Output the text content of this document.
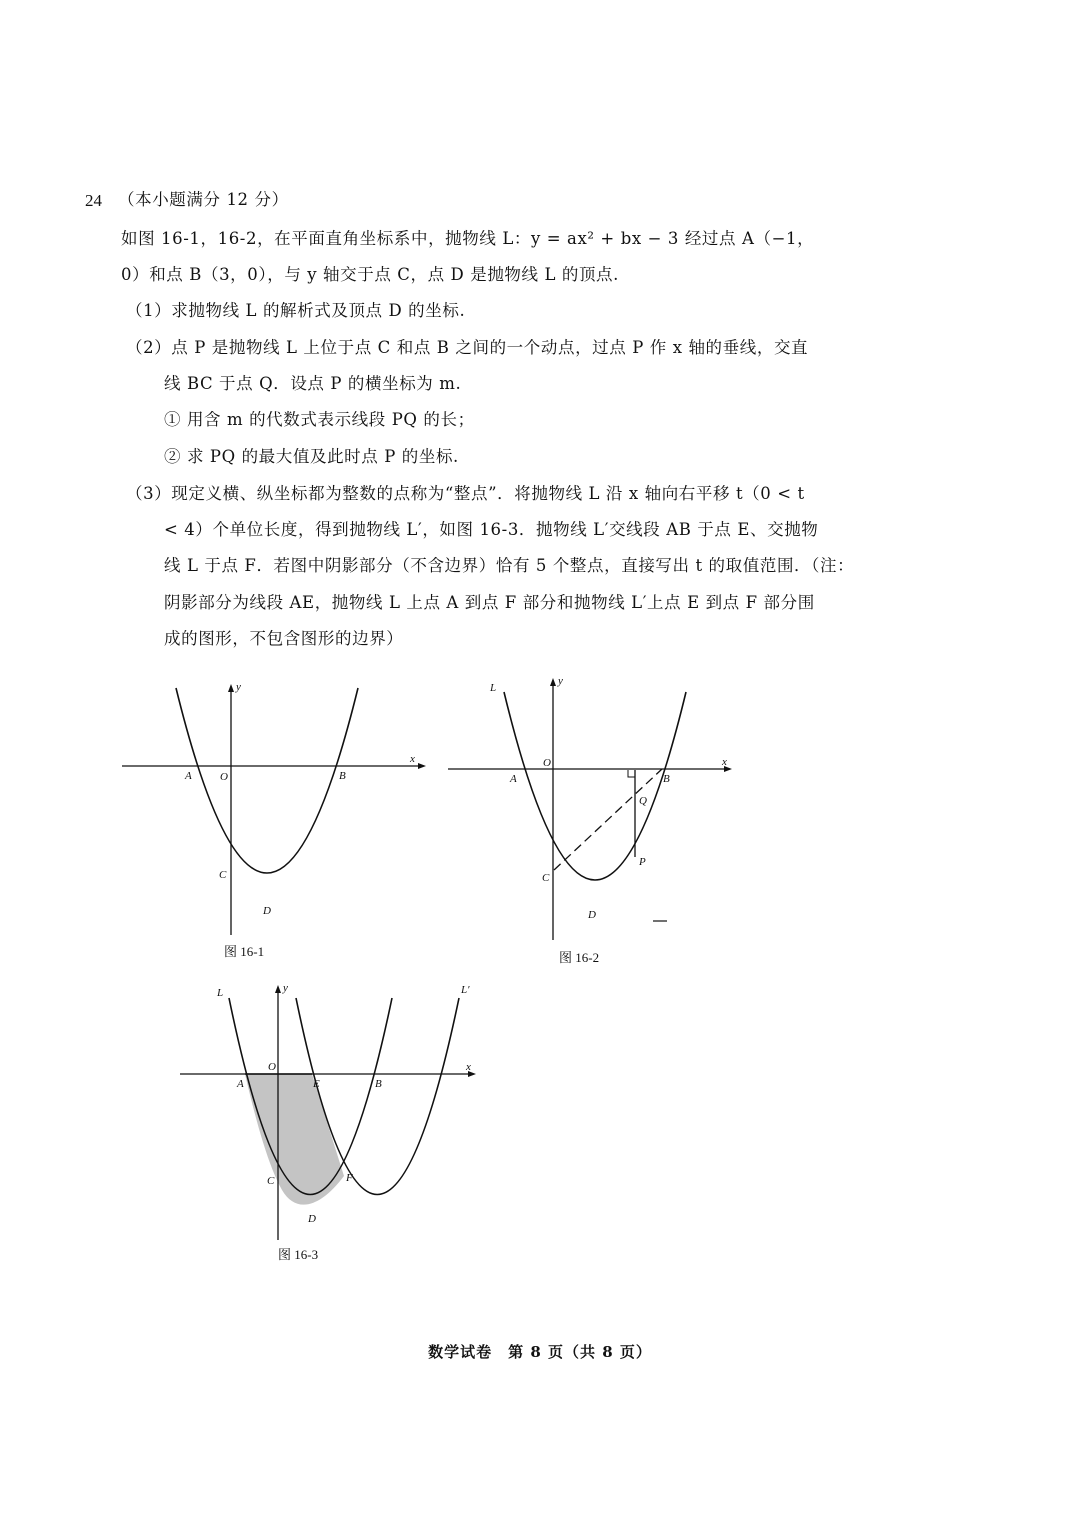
24 （本小题满分 12 分）
如图 16-1，16-2，在平面直角坐标系中，抛物线 L：y = ax² + bx − 3 经过点 A（−1，
0）和点 B（3，0），与 y 轴交于点 C，点 D 是抛物线 L 的顶点.
（1）求抛物线 L 的解析式及顶点 D 的坐标.
（2）点 P 是抛物线 L 上位于点 C 和点 B 之间的一个动点，过点 P 作 x 轴的垂线，交直
线 BC 于点 Q．设点 P 的横坐标为 m.
① 用含 m 的代数式表示线段 PQ 的长；
② 求 PQ 的最大值及此时点 P 的坐标.
（3）现定义横、纵坐标都为整数的点称为“整点”．将抛物线 L 沿 x 轴向右平移 t（0 < t
< 4）个单位长度，得到抛物线 L′，如图 16-3．抛物线 L′交线段 AB 于点 E、交抛物
线 L 于点 F．若图中阴影部分（不含边界）恰有 5 个整点，直接写出 t 的取值范围．（注：
阴影部分为线段 AE，抛物线 L 上点 A 到点 F 部分和抛物线 L′上点 E 到点 F 部分围
成的图形，不包含图形的边界）
x
y
O
A	B
C
D
图 16-1
x
y
O
A	B
C
D
L
P
Q
图 16-2
x
y
O
A	E	B
C	F
D
L	L′
图 16-3
数学试卷　第 8 页（共 8 页）
